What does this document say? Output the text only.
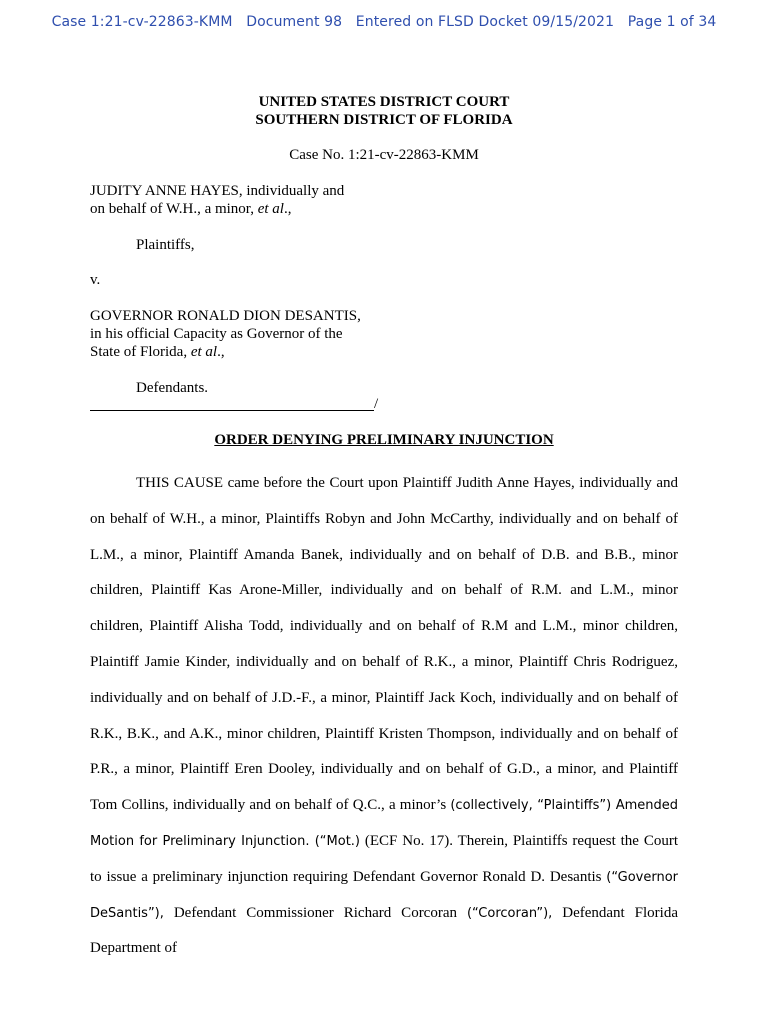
Case 1:21-cv-22863-KMM Document 98 Entered on FLSD Docket 09/15/2021 Page 1 of 34
UNITED STATES DISTRICT COURT
SOUTHERN DISTRICT OF FLORIDA
Case No. 1:21-cv-22863-KMM
JUDITY ANNE HAYES, individually and
on behalf of W.H., a minor, et al.,
Plaintiffs,
v.
GOVERNOR RONALD DION DESANTIS,
in his official Capacity as Governor of the
State of Florida, et al.,
Defendants.
/
ORDER DENYING PRELIMINARY INJUNCTION
THIS CAUSE came before the Court upon Plaintiff Judith Anne Hayes, individually and on behalf of W.H., a minor, Plaintiffs Robyn and John McCarthy, individually and on behalf of L.M., a minor, Plaintiff Amanda Banek, individually and on behalf of D.B. and B.B., minor children, Plaintiff Kas Arone-Miller, individually and on behalf of R.M. and L.M., minor children, Plaintiff Alisha Todd, individually and on behalf of R.M and L.M., minor children, Plaintiff Jamie Kinder, individually and on behalf of R.K., a minor, Plaintiff Chris Rodriguez, individually and on behalf of J.D.-F., a minor, Plaintiff Jack Koch, individually and on behalf of R.K., B.K., and A.K., minor children, Plaintiff Kristen Thompson, individually and on behalf of P.R., a minor, Plaintiff Eren Dooley, individually and on behalf of G.D., a minor, and Plaintiff Tom Collins, individually and on behalf of Q.C., a minor’s (collectively, “Plaintiffs”) Amended Motion for Preliminary Injunction. (“Mot.) (ECF No. 17). Therein, Plaintiffs request the Court to issue a preliminary injunction requiring Defendant Governor Ronald D. Desantis (“Governor DeSantis”), Defendant Commissioner Richard Corcoran (“Corcoran”), Defendant Florida Department of
